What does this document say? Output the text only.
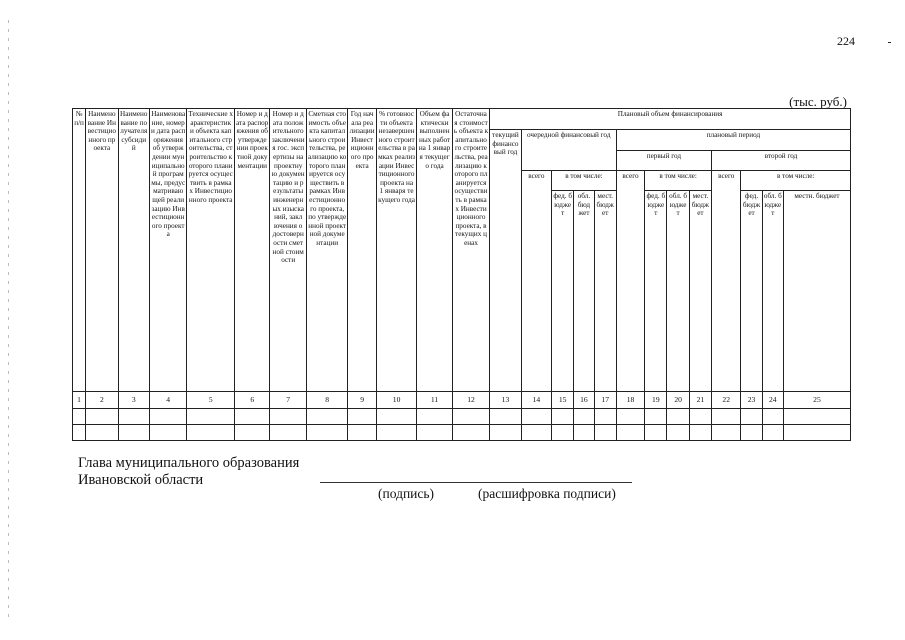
224
(тыс. руб.)
№ п/п	Наименование Инвестиционного проекта	Наименование получателя субсидий	Наименование, номер и дата распоряжения об утверждении муниципальной программы, предусматривающей реализацию Инвестиционного проекта	Технические характеристики объекта капитального строительства, строительство которого планируется осуществить в рамках Инвестиционного проекта	Номер и дата распоряжения об утверждении проектной документации	Номер и дата положительного заключения гос. экспертизы на проектную документацию и результаты инженерных изысканий, заключения о достоверности сметной стоимости	Сметная стоимость объекта капитального строительства, реализацию которого планируется осуществить в рамках Инвестиционного проекта, по утвержденной проектной документации	Год начала реализации Инвестиционного проекта	% готовности объекта незавершенного строительства в рамках реализации Инвестиционного проекта на 1 января текущего года	Объем фактически выполненных работ на 1 января текущего года	Остаточная стоимость объекта капитального строительства, реализацию которого планируется осуществить в рамках Инвестиционного проекта, в текущих ценах	Плановый объем финансирования												
												текущий финансовый год	очередной финансовый год				плановый период							
																	первый год				второй год			
													всего	в том числе:			всего	в том числе:			всего	в том числе:		
														фед. бюджет	обл. бюджет	мест. бюджет		фед. бюджет	обл. бюджет	мест. бюджет		фед. бюджет	обл. бюджет	местн. бюджет
1	2	3	4	5	6	7	8	9	10	11	12	13	14	15	16	17	18	19	20	21	22	23	24	25

Глава муниципального образования
Ивановской области
(подпись)	(расшифровка подписи)
